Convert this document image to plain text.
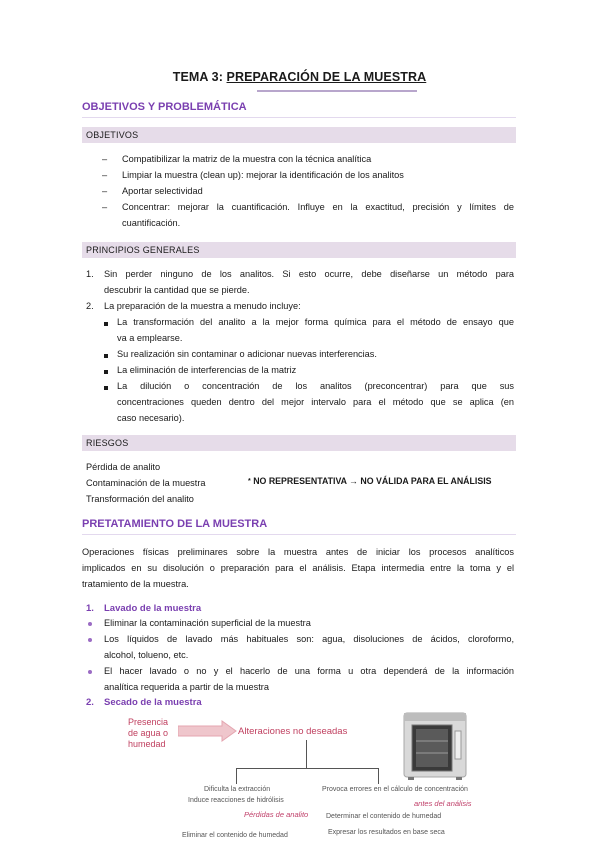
TEMA 3: PREPARACIÓN DE LA MUESTRA
OBJETIVOS Y PROBLEMÁTICA
OBJETIVOS
– Compatibilizar la matriz de la muestra con la técnica analítica
– Limpiar la muestra (clean up): mejorar la identificación de los analitos
– Aportar selectividad
– Concentrar: mejorar la cuantificación. Influye en la exactitud, precisión y límites de
cuantificación.
PRINCIPIOS GENERALES
1. Sin perder ninguno de los analitos. Si esto ocurre, debe diseñarse un método para
descubrir la cantidad que se pierde.
2. La preparación de la muestra a menudo incluye:
La transformación del analito a la mejor forma química para el método de ensayo que
va a emplearse.
Su realización sin contaminar o adicionar nuevas interferencias.
La eliminación de interferencias de la matriz
La dilución o concentración de los analitos (preconcentrar) para que sus
concentraciones queden dentro del mejor intervalo para el método que se aplica (en
caso necesario).
RIESGOS
Pérdida de analito
Contaminación de la muestra
Transformación del analito
* NO REPRESENTATIVA → NO VÁLIDA PARA EL ANÁLISIS
PRETATAMIENTO DE LA MUESTRA
Operaciones físicas preliminares sobre la muestra antes de iniciar los procesos analíticos
implicados en su disolución o preparación para el análisis. Etapa intermedia entre la toma y el
tratamiento de la muestra.
1. Lavado de la muestra
Eliminar la contaminación superficial de la muestra
Los líquidos de lavado más habituales son: agua, disoluciones de ácidos, cloroformo,
alcohol, tolueno, etc.
El hacer lavado o no y el hacerlo de una forma u otra dependerá de la información
analítica requerida a partir de la muestra
2. Secado de la muestra
Presencia
de agua o
humedad
Alteraciones no deseadas
Dificulta la extracción
Induce reacciones de hidrólisis
Pérdidas de analito
Eliminar el contenido de humedad
Provoca errores en el cálculo de concentración
antes del análisis
Determinar el contenido de humedad
Expresar los resultados en base seca
